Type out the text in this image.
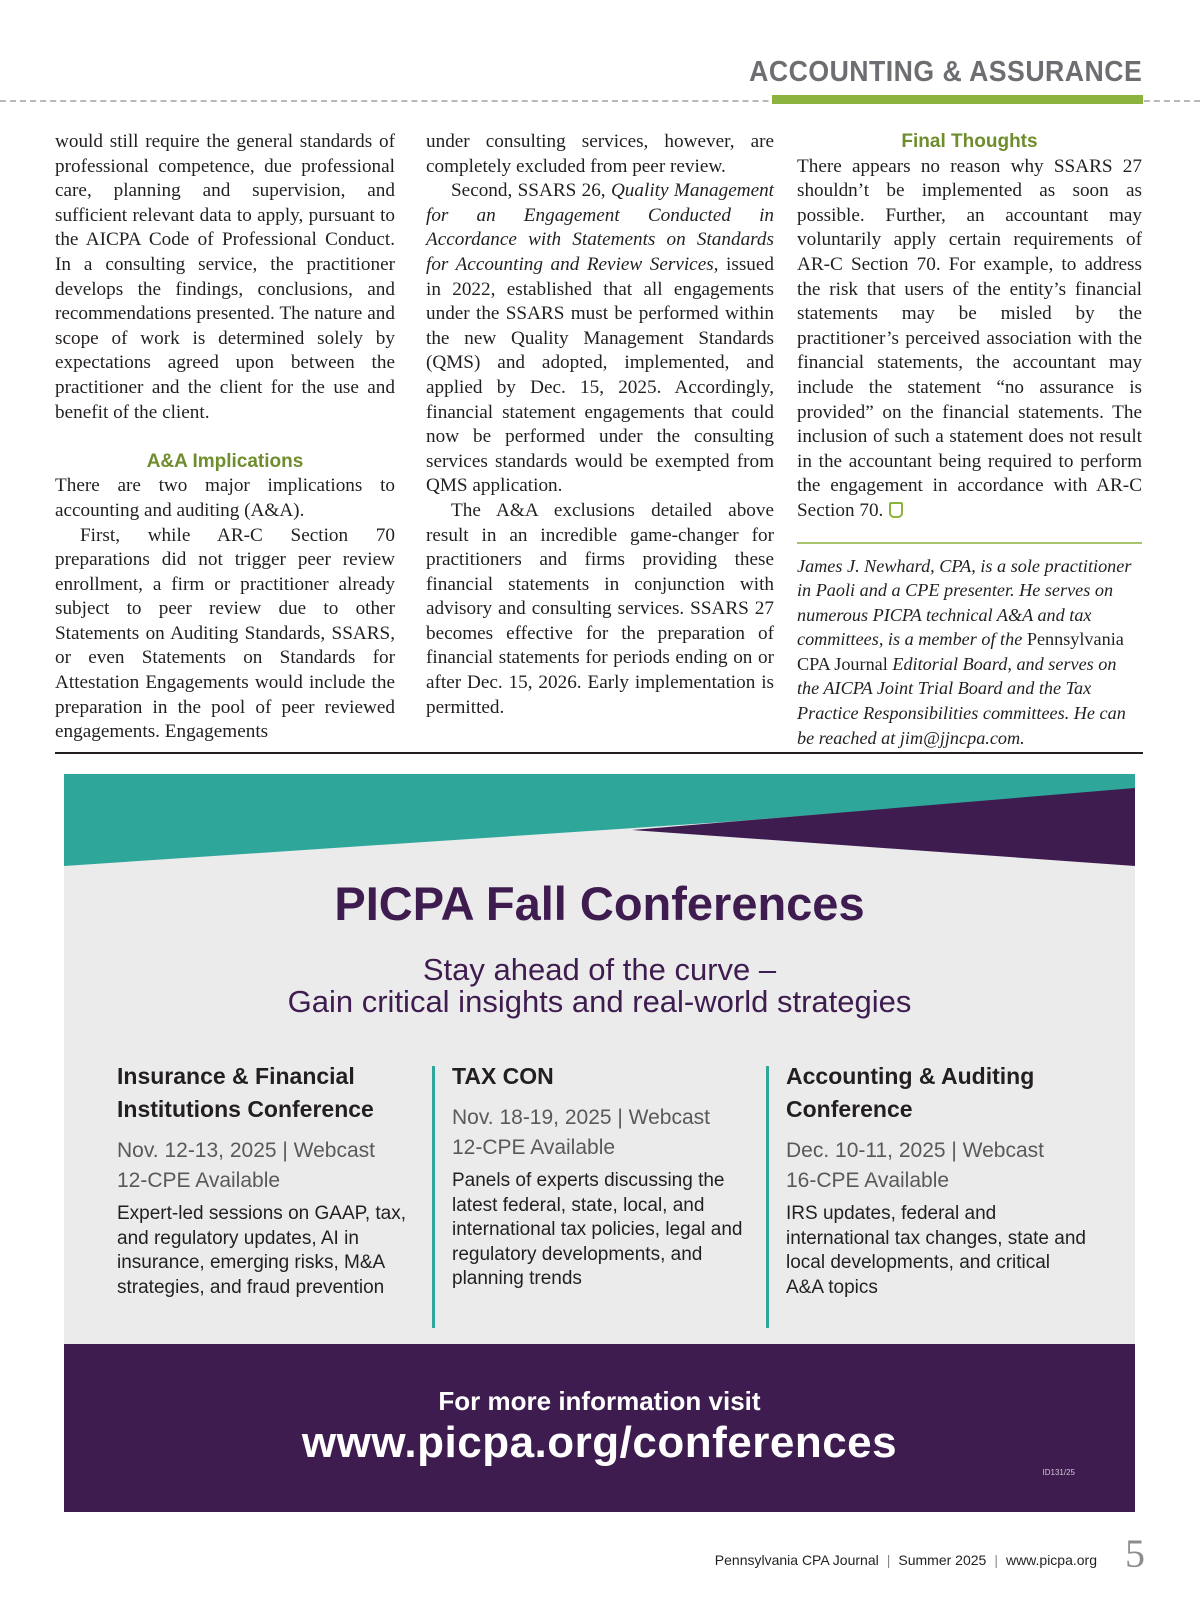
ACCOUNTING & ASSURANCE

would still require the general standards of professional competence, due professional care, planning and supervision, and sufficient relevant data to apply, pursuant to the AICPA Code of Professional Conduct. In a consulting service, the practitioner develops the findings, conclusions, and recommendations presented. The nature and scope of work is determined solely by expectations agreed upon between the practitioner and the client for the use and benefit of the client.

A&A Implications

There are two major implications to accounting and auditing (A&A).

First, while AR-C Section 70 preparations did not trigger peer review enrollment, a firm or practitioner already subject to peer review due to other Statements on Auditing Standards, SSARS, or even Statements on Standards for Attestation Engagements would include the preparation in the pool of peer reviewed engagements. Engagements

under consulting services, however, are completely excluded from peer review.

Second, SSARS 26, Quality Management for an Engagement Conducted in Accordance with Statements on Standards for Accounting and Review Services, issued in 2022, established that all engagements under the SSARS must be performed within the new Quality Management Standards (QMS) and adopted, implemented, and applied by Dec. 15, 2025. Accordingly, financial statement engagements that could now be performed under the consulting services standards would be exempted from QMS application.

The A&A exclusions detailed above result in an incredible game-changer for practitioners and firms providing these financial statements in conjunction with advisory and consulting services. SSARS 27 becomes effective for the preparation of financial statements for periods ending on or after Dec. 15, 2026. Early implementation is permitted.

Final Thoughts

There appears no reason why SSARS 27 shouldn’t be implemented as soon as possible. Further, an accountant may voluntarily apply certain requirements of AR-C Section 70. For example, to address the risk that users of the entity’s financial statements may be misled by the practitioner’s perceived association with the financial statements, the accountant may include the statement “no assurance is provided” on the financial statements. The inclusion of such a statement does not result in the accountant being required to perform the engagement in accordance with AR-C Section 70.

James J. Newhard, CPA, is a sole practitioner in Paoli and a CPE presenter. He serves on numerous PICPA technical A&A and tax committees, is a member of the Pennsylvania CPA Journal Editorial Board, and serves on the AICPA Joint Trial Board and the Tax Practice Responsibilities committees. He can be reached at jim@jjncpa.com.

PICPA Fall Conferences
Stay ahead of the curve –
Gain critical insights and real-world strategies
Insurance & Financial Institutions Conference
Nov. 12-13, 2025 | Webcast
12-CPE Available
Expert-led sessions on GAAP, tax, and regulatory updates, AI in insurance, emerging risks, M&A strategies, and fraud prevention
TAX CON
Nov. 18-19, 2025 | Webcast
12-CPE Available
Panels of experts discussing the latest federal, state, local, and international tax policies, legal and regulatory developments, and planning trends
Accounting & Auditing Conference
Dec. 10-11, 2025 | Webcast
16-CPE Available
IRS updates, federal and international tax changes, state and local developments, and critical A&A topics
For more information visit
www.picpa.org/conferences
ID131/25
Pennsylvania CPA Journal | Summer 2025 | www.picpa.org 5
